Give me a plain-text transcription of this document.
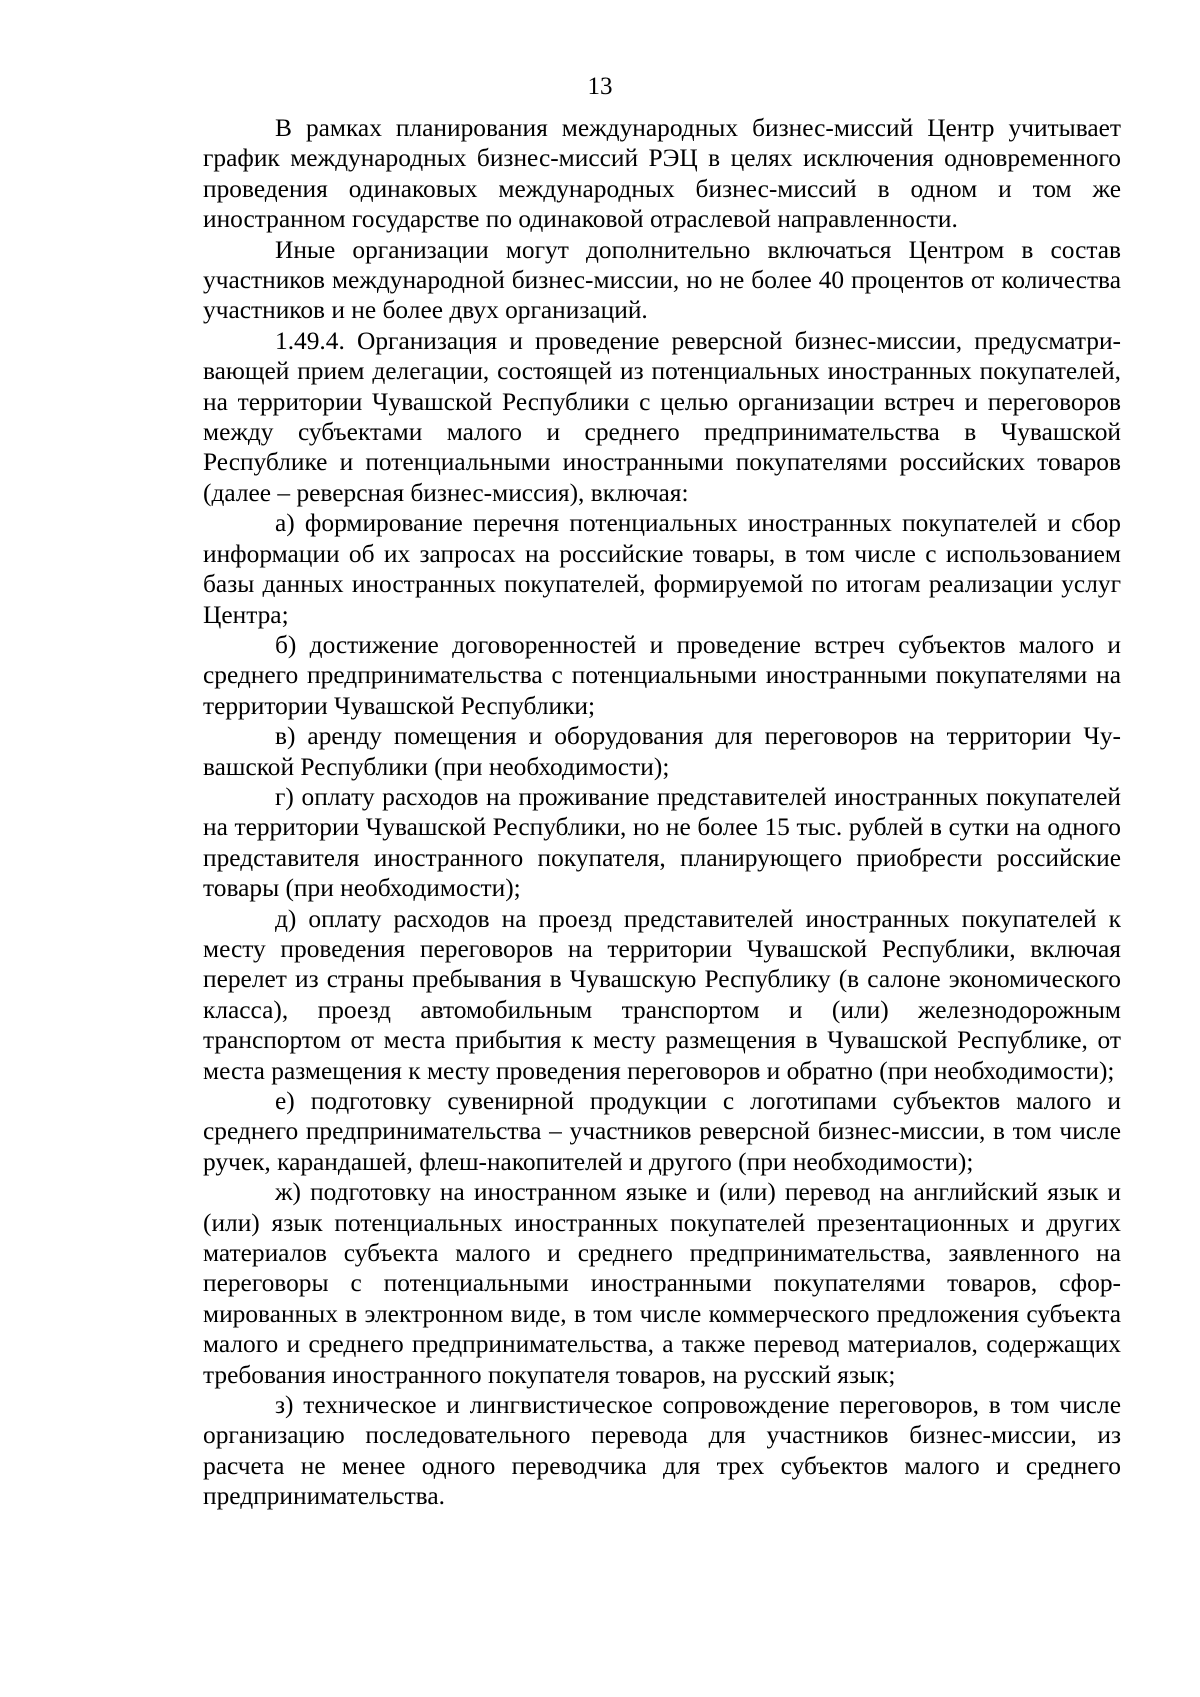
13

В рамках планирования международных бизнес-миссий Центр учитывает график международных бизнес-миссий РЭЦ в целях исключения одновременного проведения одинаковых международных бизнес-миссий в одном и том же иностранном государстве по одинаковой отраслевой направленности.

Иные организации могут дополнительно включаться Центром в состав участников международной бизнес-миссии, но не более 40 процентов от количества участников и не более двух организаций.

1.49.4. Организация и проведение реверсной бизнес-миссии, предусматривающей прием делегации, состоящей из потенциальных иностранных покупателей, на территории Чувашской Республики с целью организации встреч и переговоров между субъектами малого и среднего предпринимательства в Чувашской Республике и потенциальными иностранными покупателями российских товаров (далее – реверсная бизнес-миссия), включая:

а) формирование перечня потенциальных иностранных покупателей и сбор информации об их запросах на российские товары, в том числе с использованием базы данных иностранных покупателей, формируемой по итогам реализации услуг Центра;

б) достижение договоренностей и проведение встреч субъектов малого и среднего предпринимательства с потенциальными иностранными покупателями на территории Чувашской Республики;

в) аренду помещения и оборудования для переговоров на территории Чувашской Республики (при необходимости);

г) оплату расходов на проживание представителей иностранных покупателей на территории Чувашской Республики, но не более 15 тыс. рублей в сутки на одного представителя иностранного покупателя, планирующего приобрести российские товары (при необходимости);

д) оплату расходов на проезд представителей иностранных покупателей к месту проведения переговоров на территории Чувашской Республики, включая перелет из страны пребывания в Чувашскую Республику (в салоне экономического класса), проезд автомобильным транспортом и (или) железнодорожным транспортом от места прибытия к месту размещения в Чувашской Республике, от места размещения к месту проведения переговоров и обратно (при необходимости);

е) подготовку сувенирной продукции с логотипами субъектов малого и среднего предпринимательства – участников реверсной бизнес-миссии, в том числе ручек, карандашей, флеш-накопителей и другого (при необходимости);

ж) подготовку на иностранном языке и (или) перевод на английский язык и (или) язык потенциальных иностранных покупателей презентационных и других материалов субъекта малого и среднего предпринимательства, заявленного на переговоры с потенциальными иностранными покупателями товаров, сформированных в электронном виде, в том числе коммерческого предложения субъекта малого и среднего предпринимательства, а также перевод материалов, содержащих требования иностранного покупателя товаров, на русский язык;

з) техническое и лингвистическое сопровождение переговоров, в том числе организацию последовательного перевода для участников бизнес-миссии, из расчета не менее одного переводчика для трех субъектов малого и среднего предпринимательства.
